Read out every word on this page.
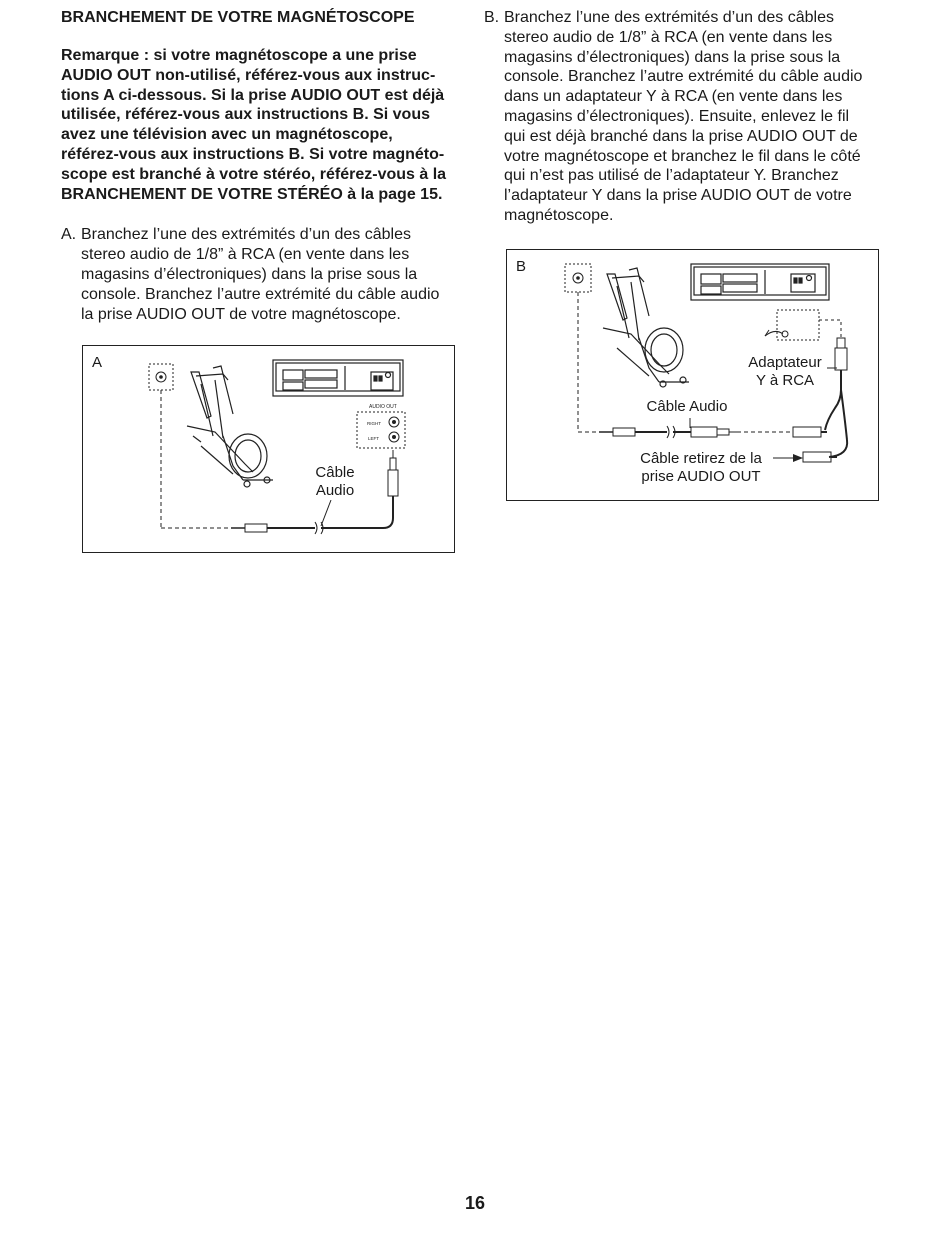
BRANCHEMENT DE VOTRE MAGNÉTOSCOPE

Remarque : si votre magnétoscope a une prise
AUDIO OUT non-utilisé, référez-vous aux instruc-
tions A ci-dessous. Si la prise AUDIO OUT est déjà
utilisée, référez-vous aux instructions B. Si vous
avez une télévision avec un magnétoscope,
référez-vous aux instructions B. Si votre magnéto-
scope est branché à votre stéréo, référez-vous à la
BRANCHEMENT DE VOTRE STÉRÉO à la page 15.
A. Branchez l’une des extrémités d’un des câbles
stereo audio de 1/8” à RCA (en vente dans les
magasins d’électroniques) dans la prise sous la
console. Branchez l’autre extrémité du câble audio
la prise AUDIO OUT de votre magnétoscope.
B. Branchez l’une des extrémités d’un des câbles
stereo audio de 1/8” à RCA (en vente dans les
magasins d’électroniques) dans la prise sous la
console. Branchez l’autre extrémité du câble audio
dans un adaptateur Y à RCA (en vente dans les
magasins d’électroniques). Ensuite, enlevez le fil
qui est déjà branché dans la prise AUDIO OUT de
votre magnétoscope et branchez le fil dans le côté
qui n’est pas utilisé de l’adaptateur Y. Branchez
l’adaptateur Y dans la prise AUDIO OUT de votre
magnétoscope.
A
AUDIO OUT
RIGHT
LEFT
Câble
Audio
B
Adaptateur
Y à RCA
Câble Audio
Câble retirez de la
prise AUDIO OUT
16
